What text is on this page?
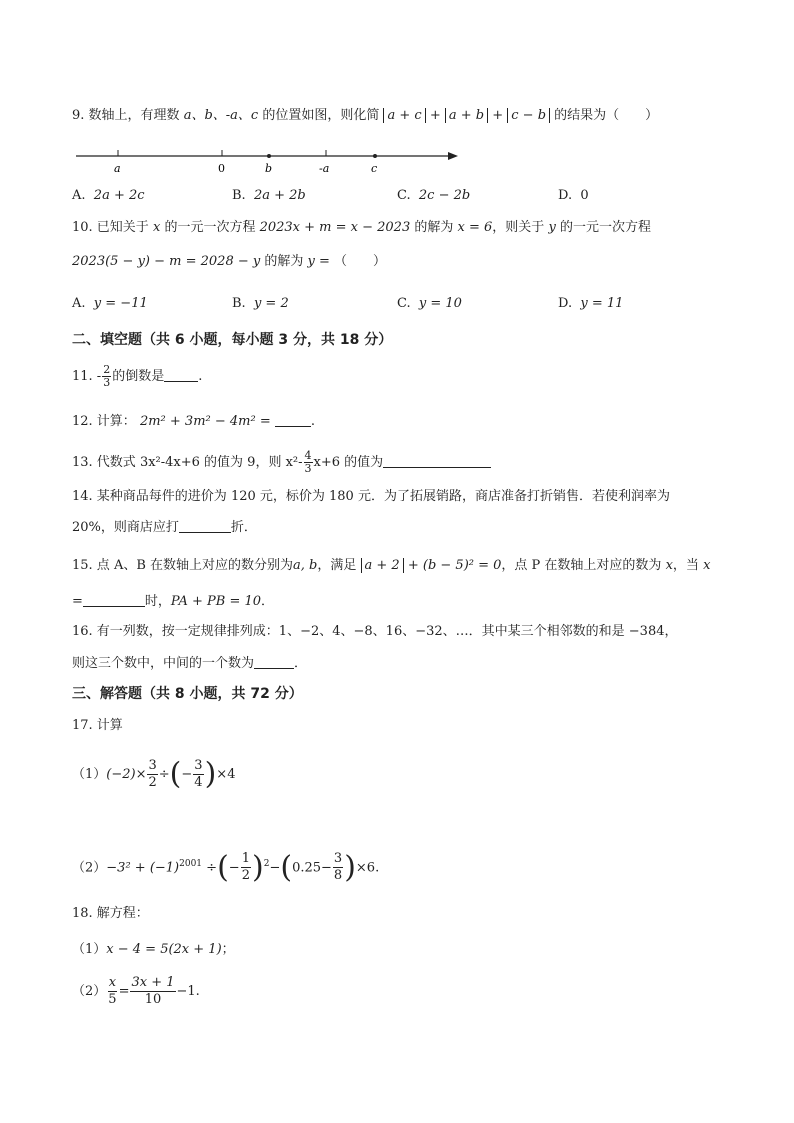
9. 数轴上，有理数 a、b、-a、c 的位置如图，则化简 a + c + a + b + c − b 的结果为（　　）
a	0	b	-a	c
A. 2a + 2c	B. 2a + 2b	C. 2c − 2b	D. 0
10. 已知关于 x 的一元一次方程 2023x + m = x − 2023 的解为 x = 6，则关于 y 的一元一次方程
2023(5 − y) − m = 2028 − y 的解为 y = （　　）
A. y = −11	B. y = 2	C. y = 10	D. y = 11
二、填空题（共 6 小题，每小题 3 分，共 18 分）
11. - $\frac{2}{3}$ 的倒数是	.
12. 计算： 2m² + 3m² − 4m² =	.
13. 代数式 3x²-4x+6 的值为 9，则 $x^2- \frac{4}{3} x+6$ 的值为
14. 某种商品每件的进价为 120 元，标价为 180 元．为了拓展销路，商店准备打折销售．若使利润率为
20%，则商店应打	折．
15. 点 A、B 在数轴上对应的数分别为a, b，满足 a + 2 + (b − 5)² = 0，点 P 在数轴上对应的数为 x，当 x
=	时，PA + PB = 10．
16. 有一列数，按一定规律排列成：1、−2、4、−8、16、−32、…．其中某三个相邻数的和是 −384，
则这三个数中，中间的一个数为	．
三、解答题（共 8 小题，共 72 分）
17. 计算
$(1)(-2)\times \frac{3}{2}$ ÷(− $\frac{3}{4} )\times 4$
$(2)-3^2 + (-1)^{2001}$ ÷(− $\frac{1}{2} )^2-(0.25- \frac{3}{8} )\times 6$.
18. 解方程：
（1）x − 4 = 5(2x + 1)；
$(2) \frac{x}{5} = \frac{3x + 1}{10} -1$.
